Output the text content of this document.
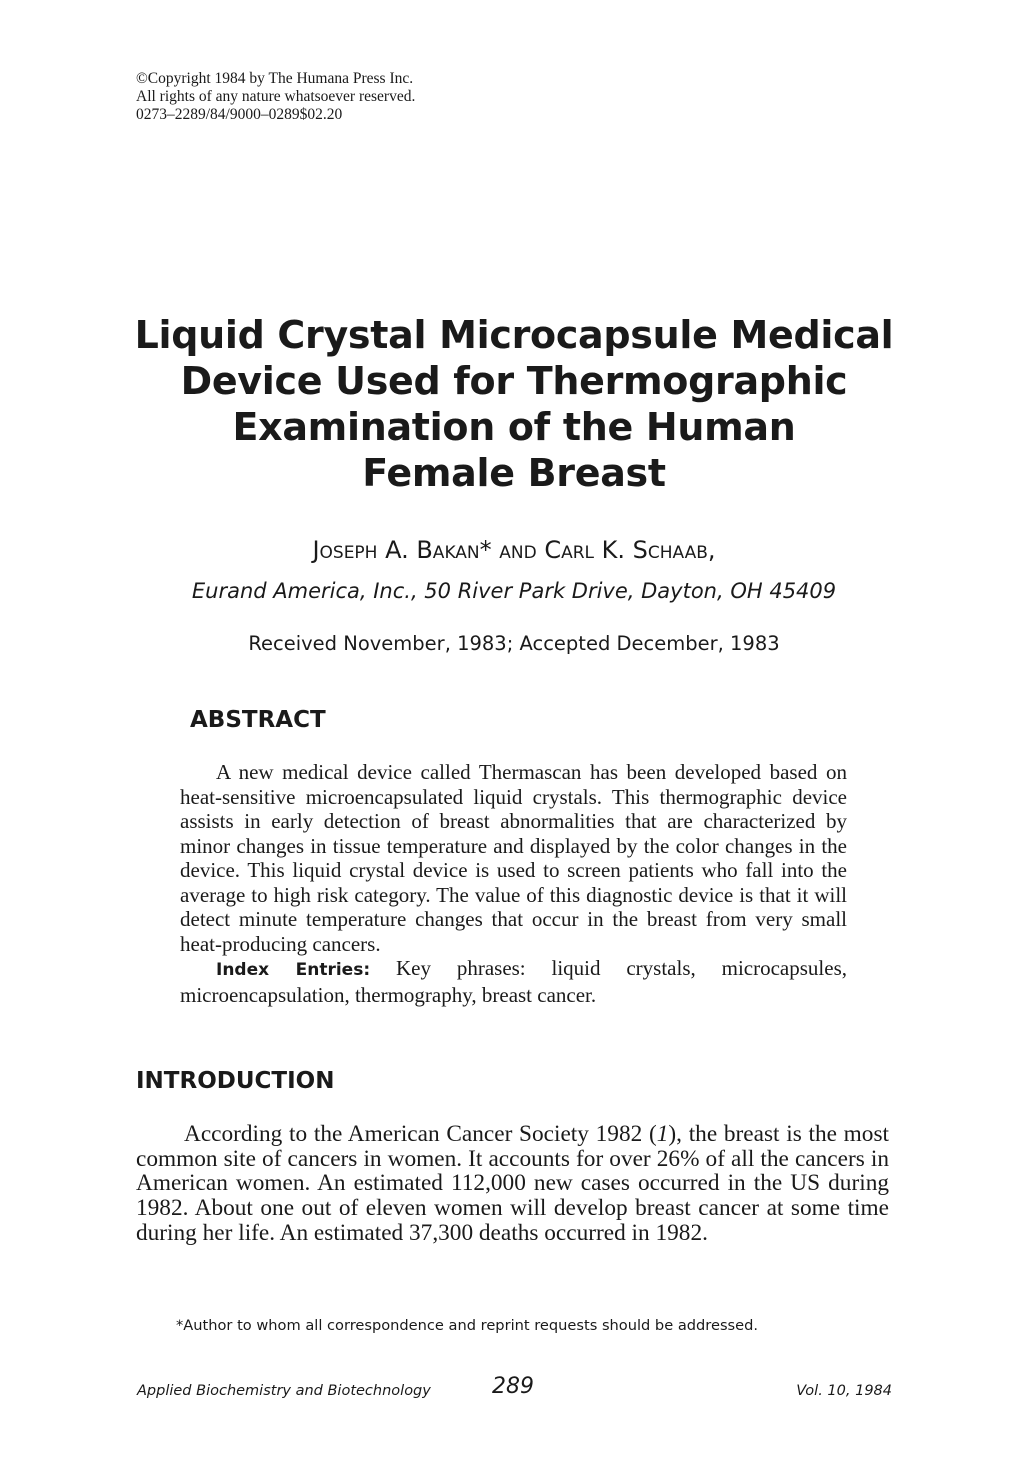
©Copyright 1984 by The Humana Press Inc.
All rights of any nature whatsoever reserved.
0273–2289/84/9000–0289$02.20
Liquid Crystal Microcapsule Medical
Device Used for Thermographic
Examination of the Human
Female Breast
Joseph A. Bakan* and Carl K. Schaab,
Eurand America, Inc., 50 River Park Drive, Dayton, OH 45409
Received November, 1983; Accepted December, 1983
ABSTRACT

A new medical device called Thermascan has been developed based on heat-sensitive microencapsulated liquid crystals. This thermographic device assists in early detection of breast abnormalities that are characterized by minor changes in tissue temperature and displayed by the color changes in the device. This liquid crystal device is used to screen patients who fall into the average to high risk category. The value of this diagnostic device is that it will detect minute temperature changes that occur in the breast from very small heat-producing cancers.

Index Entries: Key phrases: liquid crystals, microcapsules, microencapsulation, thermography, breast cancer.

INTRODUCTION

According to the American Cancer Society 1982 (1), the breast is the most common site of cancers in women. It accounts for over 26% of all the cancers in American women. An estimated 112,000 new cases occurred in the US during 1982. About one out of eleven women will develop breast cancer at some time during her life. An estimated 37,300 deaths occurred in 1982.

*Author to whom all correspondence and reprint requests should be addressed.
Applied Biochemistry and Biotechnology	289	Vol. 10, 1984
